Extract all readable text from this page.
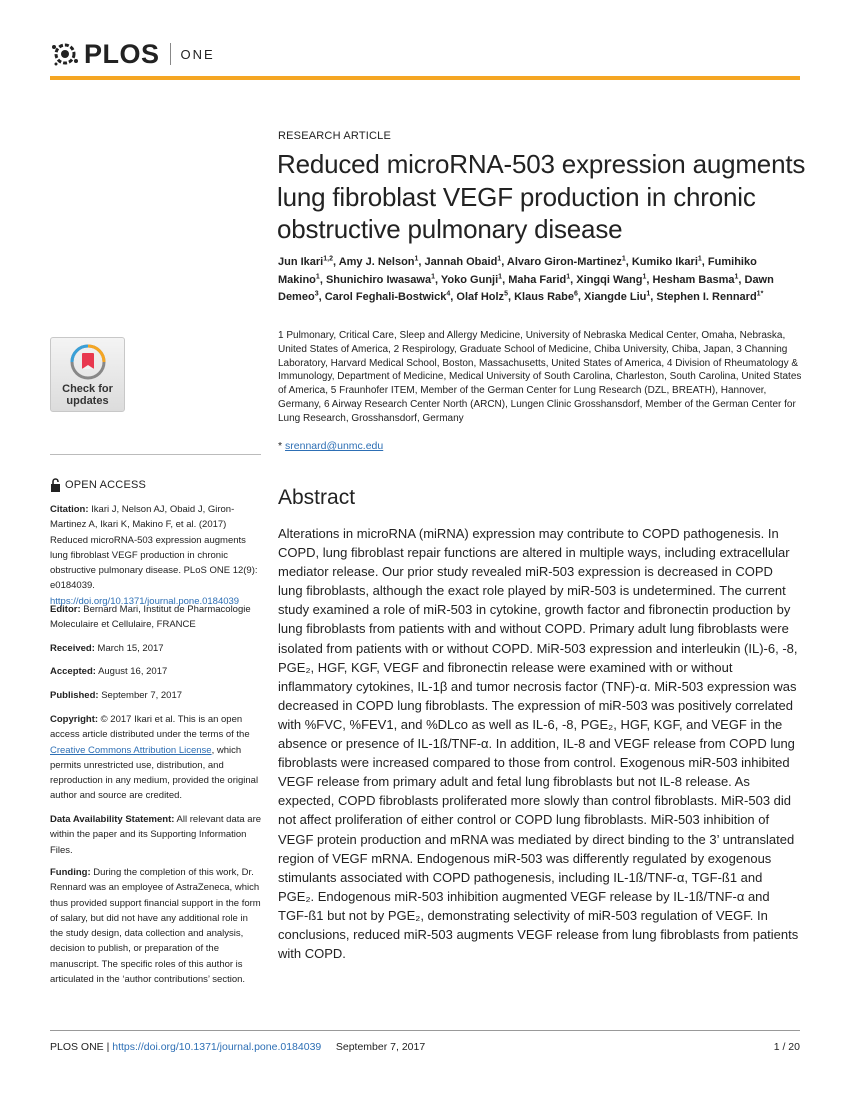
PLOS ONE
Check for
updates
OPEN ACCESS
Citation: Ikari J, Nelson AJ, Obaid J, Giron-Martinez A, Ikari K, Makino F, et al. (2017) Reduced microRNA-503 expression augments lung fibroblast VEGF production in chronic obstructive pulmonary disease. PLoS ONE 12(9): e0184039. https://doi.org/10.1371/journal.pone.0184039
Editor: Bernard Mari, Institut de Pharmacologie Moleculaire et Cellulaire, FRANCE
Received: March 15, 2017
Accepted: August 16, 2017
Published: September 7, 2017
Copyright: © 2017 Ikari et al. This is an open access article distributed under the terms of the Creative Commons Attribution License, which permits unrestricted use, distribution, and reproduction in any medium, provided the original author and source are credited.
Data Availability Statement: All relevant data are within the paper and its Supporting Information Files.
Funding: During the completion of this work, Dr. Rennard was an employee of AstraZeneca, which thus provided support financial support in the form of salary, but did not have any additional role in the study design, data collection and analysis, decision to publish, or preparation of the manuscript. The specific roles of this author is articulated in the ‘author contributions’ section.
RESEARCH ARTICLE
Reduced microRNA-503 expression augments lung fibroblast VEGF production in chronic obstructive pulmonary disease
Jun Ikari$^{1,2}$, Amy J. Nelson$^1$, Jannah Obaid$^1$, Alvaro Giron-Martinez$^1$, Kumiko Ikari$^1$, Fumihiko Makino$^1$, Shunichiro Iwasawa$^1$, Yoko Gunji$^1$, Maha Farid$^1$, Xingqi Wang$^1$, Hesham Basma$^1$, Dawn Demeo$^3$, Carol Feghali-Bostwick$^4$, Olaf Holz$^5$, Klaus Rabe$^6$, Xiangde Liu$^1$, Stephen I. Rennard$^{1*}$
1 Pulmonary, Critical Care, Sleep and Allergy Medicine, University of Nebraska Medical Center, Omaha, Nebraska, United States of America, 2 Respirology, Graduate School of Medicine, Chiba University, Chiba, Japan, 3 Channing Laboratory, Harvard Medical School, Boston, Massachusetts, United States of America, 4 Division of Rheumatology & Immunology, Department of Medicine, Medical University of South Carolina, Charleston, South Carolina, United States of America, 5 Fraunhofer ITEM, Member of the German Center for Lung Research (DZL, BREATH), Hannover, Germany, 6 Airway Research Center North (ARCN), Lungen Clinic Grosshansdorf, Member of the German Center for Lung Research, Grosshansdorf, Germany
* srennard@unmc.edu
Abstract
Alterations in microRNA (miRNA) expression may contribute to COPD pathogenesis. In COPD, lung fibroblast repair functions are altered in multiple ways, including extracellular mediator release. Our prior study revealed miR-503 expression is decreased in COPD lung fibroblasts, although the exact role played by miR-503 is undetermined. The current study examined a role of miR-503 in cytokine, growth factor and fibronectin production by lung fibroblasts from patients with and without COPD. Primary adult lung fibroblasts were isolated from patients with or without COPD. MiR-503 expression and interleukin (IL)-6, -8, PGE₂, HGF, KGF, VEGF and fibronectin release were examined with or without inflammatory cytokines, IL-1β and tumor necrosis factor (TNF)-α. MiR-503 expression was decreased in COPD lung fibroblasts. The expression of miR-503 was positively correlated with %FVC, %FEV1, and %DLco as well as IL-6, -8, PGE₂, HGF, KGF, and VEGF in the absence or presence of IL-1ß/TNF-α. In addition, IL-8 and VEGF release from COPD lung fibroblasts were increased compared to those from control. Exogenous miR-503 inhibited VEGF release from primary adult and fetal lung fibroblasts but not IL-8 release. As expected, COPD fibroblasts proliferated more slowly than control fibroblasts. MiR-503 did not affect proliferation of either control or COPD lung fibroblasts. MiR-503 inhibition of VEGF protein production and mRNA was mediated by direct binding to the 3’ untranslated region of VEGF mRNA. Endogenous miR-503 was differently regulated by exogenous stimulants associated with COPD pathogenesis, including IL-1ß/TNF-α, TGF-ß1 and PGE₂. Endogenous miR-503 inhibition augmented VEGF release by IL-1ß/TNF-α and TGF-ß1 but not by PGE₂, demonstrating selectivity of miR-503 regulation of VEGF. In conclusions, reduced miR-503 augments VEGF release from lung fibroblasts from patients with COPD.
PLOS ONE | https://doi.org/10.1371/journal.pone.0184039 September 7, 2017	1 / 20
